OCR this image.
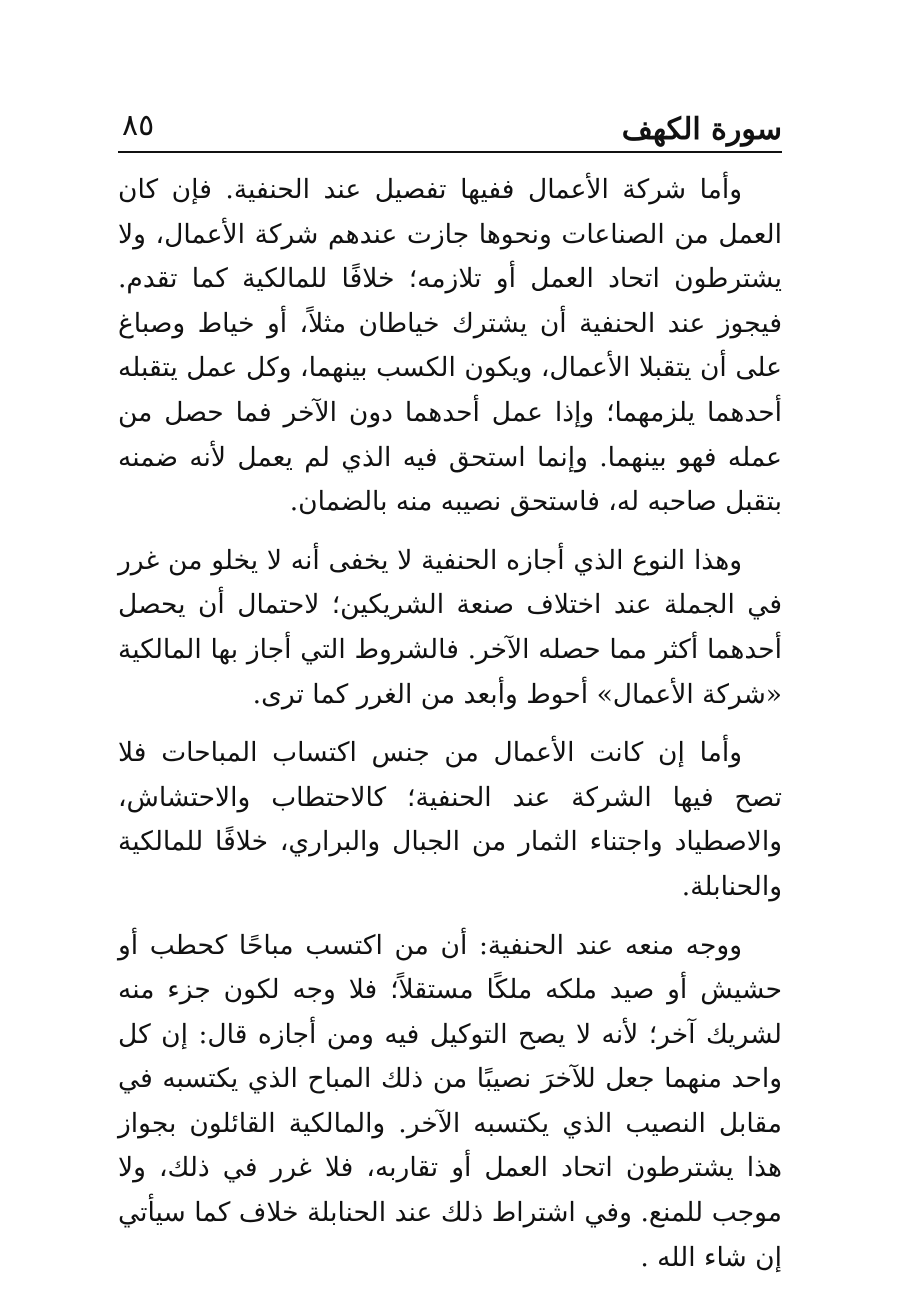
سورة الكهف
٨٥

وأما شركة الأعمال ففيها تفصيل عند الحنفية. فإن كان العمل من الصناعات ونحوها جازت عندهم شركة الأعمال، ولا يشترطون اتحاد العمل أو تلازمه؛ خلافًا للمالكية كما تقدم. فيجوز عند الحنفية أن يشترك خياطان مثلاً، أو خياط وصباغ على أن يتقبلا الأعمال، ويكون الكسب بينهما، وكل عمل يتقبله أحدهما يلزمهما؛ وإذا عمل أحدهما دون الآخر فما حصل من عمله فهو بينهما. وإنما استحق فيه الذي لم يعمل لأنه ضمنه بتقبل صاحبه له، فاستحق نصيبه منه بالضمان.

وهذا النوع الذي أجازه الحنفية لا يخفى أنه لا يخلو من غرر في الجملة عند اختلاف صنعة الشريكين؛ لاحتمال أن يحصل أحدهما أكثر مما حصله الآخر. فالشروط التي أجاز بها المالكية «شركة الأعمال» أحوط وأبعد من الغرر كما ترى.

وأما إن كانت الأعمال من جنس اكتساب المباحات فلا تصح فيها الشركة عند الحنفية؛ كالاحتطاب والاحتشاش، والاصطياد واجتناء الثمار من الجبال والبراري، خلافًا للمالكية والحنابلة.

ووجه منعه عند الحنفية: أن من اكتسب مباحًا كحطب أو حشيش أو صيد ملكه ملكًا مستقلاً؛ فلا وجه لكون جزء منه لشريك آخر؛ لأنه لا يصح التوكيل فيه ومن أجازه قال: إن كل واحد منهما جعل للآخرَ نصيبًا من ذلك المباح الذي يكتسبه في مقابل النصيب الذي يكتسبه الآخر. والمالكية القائلون بجواز هذا يشترطون اتحاد العمل أو تقاربه، فلا غرر في ذلك، ولا موجب للمنع. وفي اشتراط ذلك عند الحنابلة خلاف كما سيأتي إن شاء الله .
